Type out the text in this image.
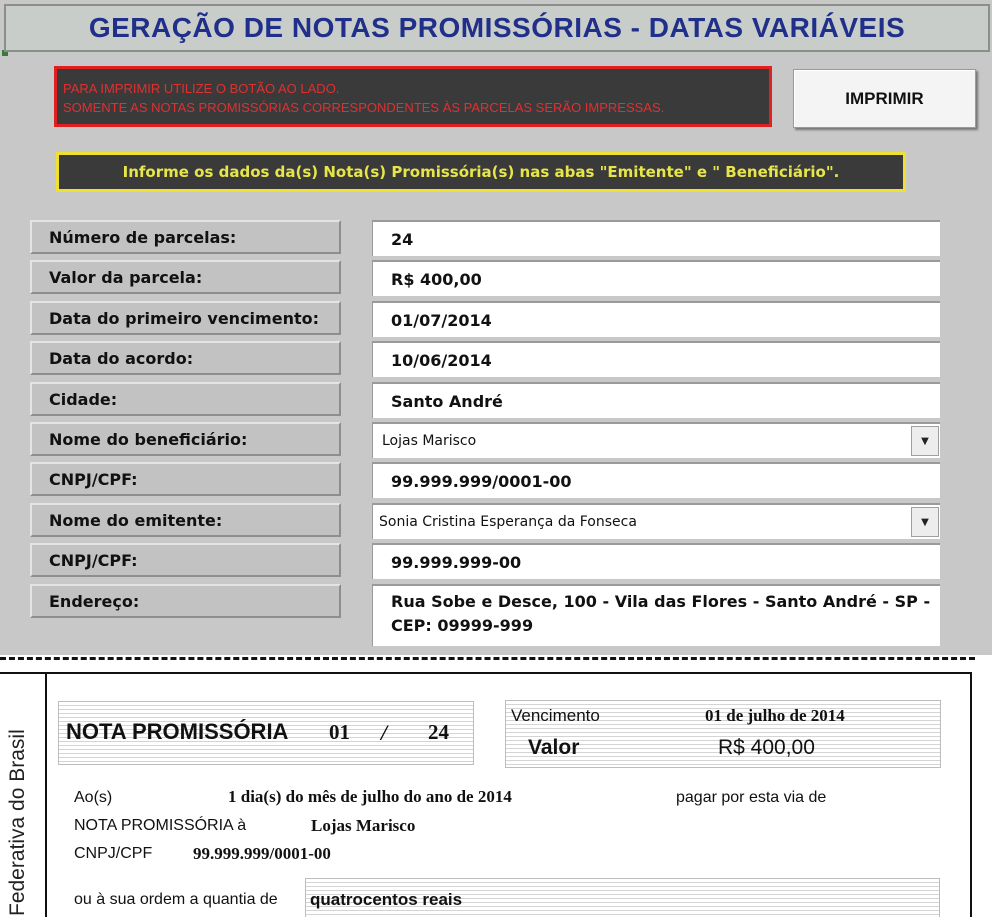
GERAÇÃO DE NOTAS PROMISSÓRIAS - DATAS VARIÁVEIS
PARA IMPRIMIR UTILIZE O BOTÃO AO LADO.
SOMENTE AS NOTAS PROMISSÓRIAS CORRESPONDENTES ÀS PARCELAS SERÃO IMPRESSAS.	IMPRIMIR
Informe os dados da(s) Nota(s) Promissória(s) nas abas "Emitente" e " Beneficiário".
Número de parcelas:	24
Valor da parcela:	R$ 400,00
Data do primeiro vencimento:	01/07/2014
Data do acordo:	10/06/2014
Cidade:	Santo André
Nome do beneficiário:	Lojas Marisco	▼
CNPJ/CPF:	99.999.999/0001-00
Nome do emitente:	Sonia Cristina Esperança da Fonseca	▼
CNPJ/CPF:	99.999.999-00
Endereço:	Rua Sobe e Desce, 100 - Vila das Flores - Santo André - SP -
CEP: 09999-999
Federativa do Brasil	NOTA PROMISSÓRIA 01 / 24
Vencimento	01 de julho de 2014
Valor	R$ 400,00
Ao(s)	1 dia(s) do mês de julho do ano de 2014	pagar por esta via de
NOTA PROMISSÓRIA à	Lojas Marisco
CNPJ/CPF 99.999.999/0001-00
ou à sua ordem a quantia de quatrocentos reais
